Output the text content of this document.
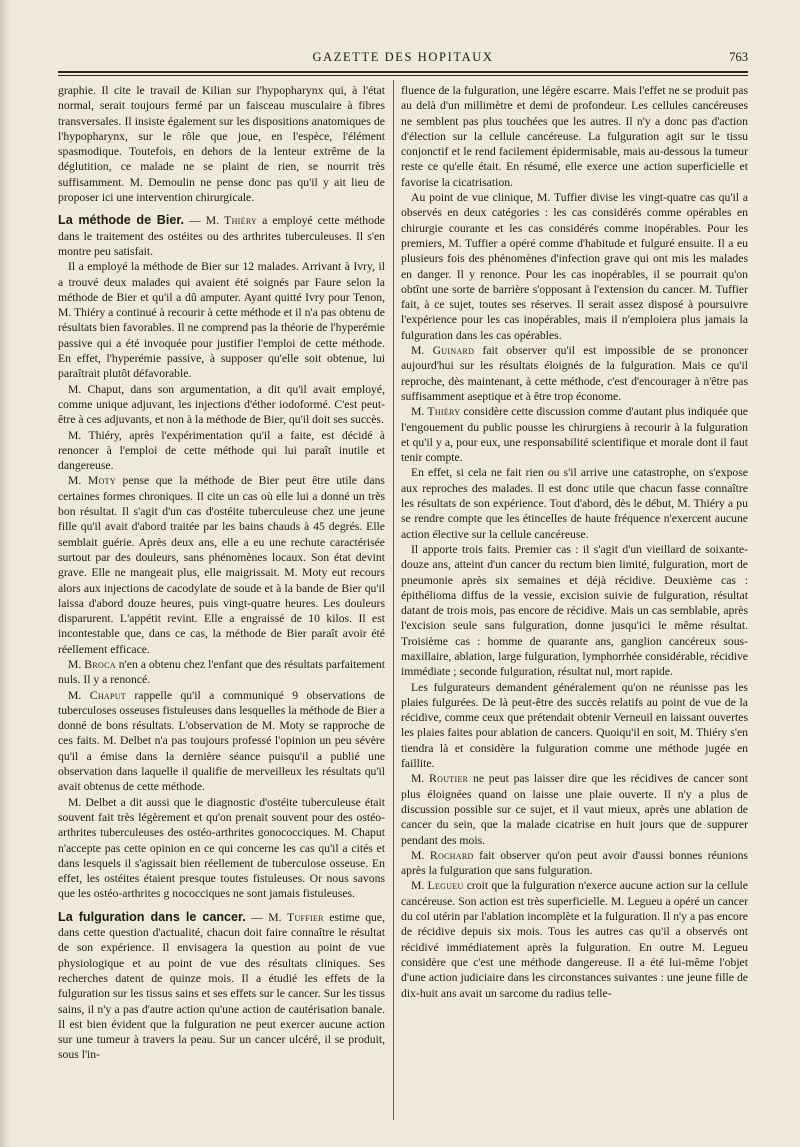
GAZETTE DES HOPITAUX	763

graphie. Il cite le travail de Kilian sur l'hypopharynx qui, à l'état normal, serait toujours fermé par un faisceau musculaire à fibres transversales. Il insiste également sur les dispositions anatomiques de l'hypopharynx, sur le rôle que joue, en l'espèce, l'élément spasmodique. Toutefois, en dehors de la lenteur extrême de la déglutition, ce malade ne se plaint de rien, se nourrit très suffisamment. M. Demoulin ne pense donc pas qu'il y ait lieu de proposer ici une intervention chirurgicale.

La méthode de Bier. — M. Thiéry a employé cette méthode dans le traitement des ostéites ou des arthrites tuberculeuses. Il s'en montre peu satisfait.

Il a employé la méthode de Bier sur 12 malades. Arrivant à Ivry, il a trouvé deux malades qui avaient été soignés par Faure selon la méthode de Bier et qu'il a dû amputer. Ayant quitté Ivry pour Tenon, M. Thiéry a continué à recourir à cette méthode et il n'a pas obtenu de résultats bien favorables. Il ne comprend pas la théorie de l'hyperémie passive qui a été invoquée pour justifier l'emploi de cette méthode. En effet, l'hyperémie passive, à supposer qu'elle soit obtenue, lui paraîtrait plutôt défavorable.

M. Chaput, dans son argumentation, a dit qu'il avait employé, comme unique adjuvant, les injections d'éther iodoformé. C'est peut-être à ces adjuvants, et non à la méthode de Bier, qu'il doit ses succès.

M. Thiéry, après l'expérimentation qu'il a faite, est décidé à renoncer à l'emploi de cette méthode qui lui paraît inutile et dangereuse.

M. Moty pense que la méthode de Bier peut être utile dans certaines formes chroniques. Il cite un cas où elle lui a donné un très bon résultat. Il s'agit d'un cas d'ostéite tuberculeuse chez une jeune fille qu'il avait d'abord traitée par les bains chauds à 45 degrés. Elle semblait guérie. Après deux ans, elle a eu une rechute caractérisée surtout par des douleurs, sans phénomènes locaux. Son état devint grave. Elle ne mangeait plus, elle maigrissait. M. Moty eut recours alors aux injections de cacodylate de soude et à la bande de Bier qu'il laissa d'abord douze heures, puis vingt-quatre heures. Les douleurs disparurent. L'appétit revint. Elle a engraissé de 10 kilos. Il est incontestable que, dans ce cas, la méthode de Bier paraît avoir été réellement efficace.

M. Broca n'en a obtenu chez l'enfant que des résultats parfaitement nuls. Il y a renoncé.

M. Chaput rappelle qu'il a communiqué 9 observations de tuberculoses osseuses fistuleuses dans lesquelles la méthode de Bier a donné de bons résultats. L'observation de M. Moty se rapproche de ces faits. M. Delbet n'a pas toujours professé l'opinion un peu sévère qu'il a émise dans la dernière séance puisqu'il a publié une observation dans laquelle il qualifie de merveilleux les résultats qu'il avait obtenus de cette méthode.

M. Delbet a dit aussi que le diagnostic d'ostéite tuberculeuse était souvent fait très légèrement et qu'on prenait souvent pour des ostéo-arthrites tuberculeuses des ostéo-arthrites gonococciques. M. Chaput n'accepte pas cette opinion en ce qui concerne les cas qu'il a cités et dans lesquels il s'agissait bien réellement de tuberculose osseuse. En effet, les ostéites étaient presque toutes fistuleuses. Or nous savons que les ostéo-arthrites g nococciques ne sont jamais fistuleuses.

La fulguration dans le cancer. — M. Tuffier estime que, dans cette question d'actualité, chacun doit faire connaître le résultat de son expérience. Il envisagera la question au point de vue physiologique et au point de vue des résultats cliniques. Ses recherches datent de quinze mois. Il a étudié les effets de la fulguration sur les tissus sains et ses effets sur le cancer. Sur les tissus sains, il n'y a pas d'autre action qu'une action de cautérisation banale. Il est bien évident que la fulguration ne peut exercer aucune action sur une tumeur à travers la peau. Sur un cancer ulcéré, il se produit, sous l'in-

fluence de la fulguration, une légère escarre. Mais l'effet ne se produit pas au delà d'un millimètre et demi de profondeur. Les cellules cancéreuses ne semblent pas plus touchées que les autres. Il n'y a donc pas d'action d'élection sur la cellule cancéreuse. La fulguration agit sur le tissu conjonctif et le rend facilement épidermisable, mais au-dessous la tumeur reste ce qu'elle était. En résumé, elle exerce une action superficielle et favorise la cicatrisation.

Au point de vue clinique, M. Tuffier divise les vingt-quatre cas qu'il a observés en deux catégories : les cas considérés comme opérables en chirurgie courante et les cas considérés comme inopérables. Pour les premiers, M. Tuffier a opéré comme d'habitude et fulguré ensuite. Il a eu plusieurs fois des phénomènes d'infection grave qui ont mis les malades en danger. Il y renonce. Pour les cas inopérables, il se pourrait qu'on obtînt une sorte de barrière s'opposant à l'extension du cancer. M. Tuffier fait, à ce sujet, toutes ses réserves. Il serait assez disposé à poursuivre l'expérience pour les cas inopérables, mais il n'emploiera plus jamais la fulguration dans les cas opérables.

M. Guinard fait observer qu'il est impossible de se prononcer aujourd'hui sur les résultats éloignés de la fulguration. Mais ce qu'il reproche, dès maintenant, à cette méthode, c'est d'encourager à n'être pas suffisamment aseptique et à être trop économe.

M. Thiéry considère cette discussion comme d'autant plus indiquée que l'engouement du public pousse les chirurgiens à recourir à la fulguration et qu'il y a, pour eux, une responsabilité scientifique et morale dont il faut tenir compte.

En effet, si cela ne fait rien ou s'il arrive une catastrophe, on s'expose aux reproches des malades. Il est donc utile que chacun fasse connaître les résultats de son expérience. Tout d'abord, dès le début, M. Thiéry a pu se rendre compte que les étincelles de haute fréquence n'exercent aucune action élective sur la cellule cancéreuse.

Il apporte trois faits. Premier cas : il s'agit d'un vieillard de soixante-douze ans, atteint d'un cancer du rectum bien limité, fulguration, mort de pneumonie après six semaines et déjà récidive. Deuxième cas : épithélioma diffus de la vessie, excision suivie de fulguration, résultat datant de trois mois, pas encore de récidive. Mais un cas semblable, après l'excision seule sans fulguration, donne jusqu'ici le même résultat. Troisième cas : homme de quarante ans, ganglion cancéreux sous-maxillaire, ablation, large fulguration, lymphorrhée considérable, récidive immédiate ; seconde fulguration, résultat nul, mort rapide.

Les fulgurateurs demandent généralement qu'on ne réunisse pas les plaies fulgurées. De là peut-être des succès relatifs au point de vue de la récidive, comme ceux que prétendait obtenir Verneuil en laissant ouvertes les plaies faites pour ablation de cancers. Quoiqu'il en soit, M. Thiéry s'en tiendra là et considère la fulguration comme une méthode jugée en faillite.

M. Routier ne peut pas laisser dire que les récidives de cancer sont plus éloignées quand on laisse une plaie ouverte. Il n'y a plus de discussion possible sur ce sujet, et il vaut mieux, après une ablation de cancer du sein, que la malade cicatrise en huit jours que de suppurer pendant des mois.

M. Rochard fait observer qu'on peut avoir d'aussi bonnes réunions après la fulguration que sans fulguration.

M. Legueu croit que la fulguration n'exerce aucune action sur la cellule cancéreuse. Son action est très superficielle. M. Legueu a opéré un cancer du col utérin par l'ablation incomplète et la fulguration. Il n'y a pas encore de récidive depuis six mois. Tous les autres cas qu'il a observés ont récidivé immédiatement après la fulguration. En outre M. Legueu considère que c'est une méthode dangereuse. Il a été lui-même l'objet d'une action judiciaire dans les circonstances suivantes : une jeune fille de dix-huit ans avait un sarcome du radius telle-
